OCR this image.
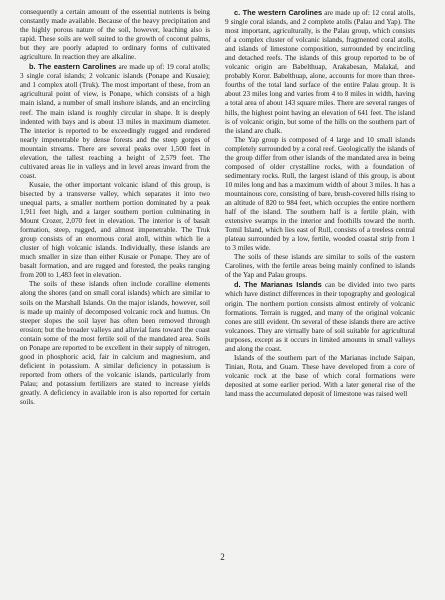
consequently a certain amount of the essential nutrients is being constantly made available. Because of the heavy precipitation and the highly porous nature of the soil, however, leaching also is rapid. These soils are well suited to the growth of coconut palms, but they are poorly adapted to ordinary forms of cultivated agriculture. In reaction they are alkaline.

b. The eastern Carolines are made up of: 19 coral atolls; 3 single coral islands; 2 volcanic islands (Ponape and Kusaie); and 1 complex atoll (Truk). The most important of these, from an agricultural point of view, is Ponape, which consists of a high main island, a number of small inshore islands, and an encircling reef. The main island is roughly circular in shape. It is deeply indented with bays and is about 13 miles in maximum diameter. The interior is reported to be exceedingly rugged and rendered nearly impenetrable by dense forests and the steep gorges of mountain streams. There are several peaks over 1,500 feet in elevation, the tallest reaching a height of 2,579 feet. The cultivated areas lie in valleys and in level areas inward from the coast.

Kusaie, the other important volcanic island of this group, is bisected by a transverse valley, which separates it into two unequal parts, a smaller northern portion dominated by a peak 1,911 feet high, and a larger southern portion culminating in Mount Crozer, 2,070 feet in elevation. The interior is of basalt formation, steep, rugged, and almost impenetrable. The Truk group consists of an enormous coral atoll, within which lie a cluster of high volcanic islands. Individually, these islands are much smaller in size than either Kusaie or Ponape. They are of basalt formation, and are rugged and forested, the peaks ranging from 200 to 1,483 feet in elevation.

The soils of these islands often include coralline elements along the shores (and on small coral islands) which are similar to soils on the Marshall Islands. On the major islands, however, soil is made up mainly of decomposed volcanic rock and humus. On steeper slopes the soil layer has often been removed through erosion; but the broader valleys and alluvial fans toward the coast contain some of the most fertile soil of the mandated area. Soils on Ponape are reported to be excellent in their supply of nitrogen, good in phosphoric acid, fair in calcium and magnesium, and deficient in potassium. A similar deficiency in potassium is reported from others of the volcanic islands, particularly from Palau; and potassium fertilizers are stated to increase yields greatly. A deficiency in available iron is also reported for certain soils.

c. The western Carolines are made up of: 12 coral atolls, 9 single coral islands, and 2 complete atolls (Palau and Yap). The most important, agriculturally, is the Palau group, which consists of a complex cluster of volcanic islands, fragmented coral atolls, and islands of limestone composition, surrounded by encircling and detached reefs. The islands of this group reported to be of volcanic origin are Babelthuap, Arakabesan, Malakal, and probably Koror. Babelthuap, alone, accounts for more than three-fourths of the total land surface of the entire Palau group. It is about 23 miles long and varies from 4 to 8 miles in width, having a total area of about 143 square miles. There are several ranges of hills, the highest point having an elevation of 641 feet. The island is of volcanic origin, but some of the hills on the southern part of the island are chalk.

The Yap group is composed of 4 large and 10 small islands completely surrounded by a coral reef. Geologically the islands of the group differ from other islands of the mandated area in being composed of older crystalline rocks, with a foundation of sedimentary rocks. Rull, the largest island of this group, is about 10 miles long and has a maximum width of about 3 miles. It has a mountainous core, consisting of bare, brush-covered hills rising to an altitude of 820 to 984 feet, which occupies the entire northern half of the island. The southern half is a fertile plain, with extensive swamps in the interior and foothills toward the north. Tomil Island, which lies east of Rull, consists of a treeless central plateau surrounded by a low, fertile, wooded coastal strip from 1 to 3 miles wide.

The soils of these islands are similar to soils of the eastern Carolines, with the fertile areas being mainly confined to islands of the Yap and Palau groups.

d. The Marianas Islands can be divided into two parts which have distinct differences in their topography and geological origin. The northern portion consists almost entirely of volcanic formations. Terrain is rugged, and many of the original volcanic cones are still evident. On several of these islands there are active volcanoes. They are virtually bare of soil suitable for agricultural purposes, except as it occurs in limited amounts in small valleys and along the coast.

Islands of the southern part of the Marianas include Saipan, Tinian, Rota, and Guam. These have developed from a core of volcanic rock at the base of which coral formations were deposited at some earlier period. With a later general rise of the land mass the accumulated deposit of limestone was raised well

2
